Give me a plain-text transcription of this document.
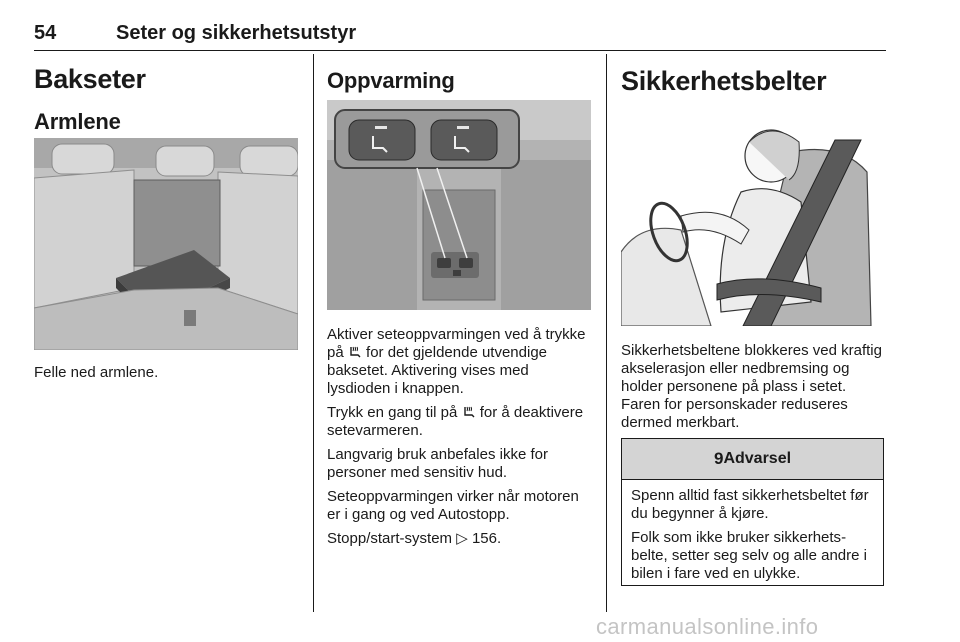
54	Seter og sikkerhetsutstyr
Bakseter
Armlene

Felle ned armlene.

Oppvarming

Aktiver seteoppvarmingen ved å trykke på for det gjeldende utvendige baksetet. Aktivering vises med lysdioden i knappen.

Trykk en gang til på for å deaktivere setevarmeren.

Langvarig bruk anbefales ikke for personer med sensitiv hud.

Seteoppvarmingen virker når motoren er i gang og ved Autostopp.

Stopp/start-system ▷ 156.

Sikkerhetsbelter

Sikkerhetsbeltene blokkeres ved kraftig akselerasjon eller nedbremsing og holder personene på plass i setet. Faren for personskader reduseres dermed merkbart.

9 Advarsel

Spenn alltid fast sikkerhetsbeltet før du begynner å kjøre.

Folk som ikke bruker sikkerhetsbelte, setter seg selv og alle andre i bilen i fare ved en ulykke.

carmanualsonline.info
